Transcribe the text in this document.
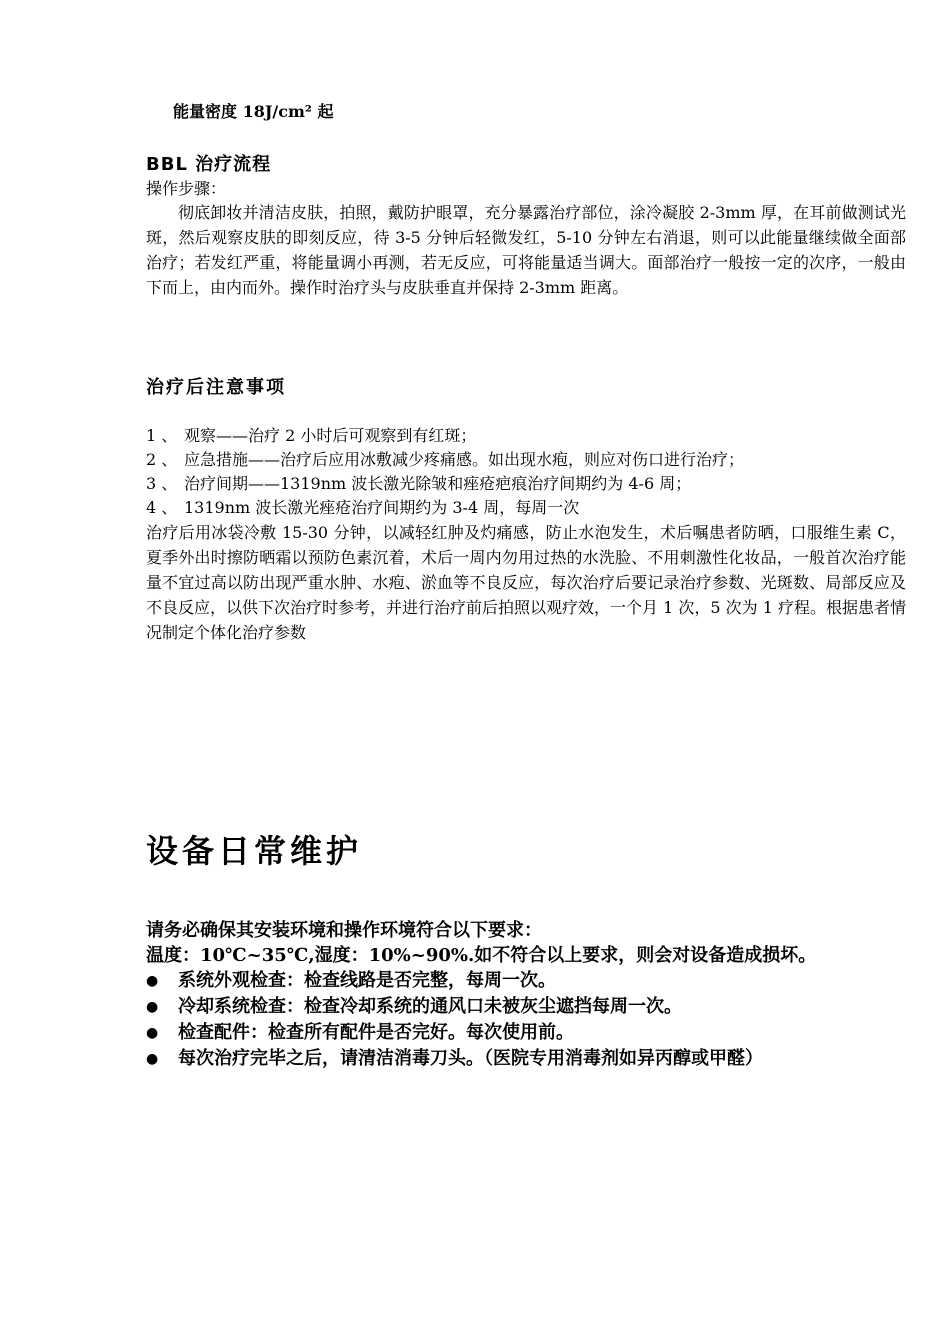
能量密度 18J/cm² 起
BBL 治疗流程
操作步骤：
彻底卸妆并清洁皮肤，拍照，戴防护眼罩，充分暴露治疗部位，涂冷凝胶 2-3mm 厚，在耳前做测试光斑，然后观察皮肤的即刻反应，待 3-5 分钟后轻微发红，5-10 分钟左右消退，则可以此能量继续做全面部治疗；若发红严重，将能量调小再测，若无反应，可将能量适当调大。面部治疗一般按一定的次序，一般由下而上，由内而外。操作时治疗头与皮肤垂直并保持 2-3mm 距离。
治疗后注意事项
1 、 观察——治疗 2 小时后可观察到有红斑；
2 、 应急措施——治疗后应用冰敷减少疼痛感。如出现水疱，则应对伤口进行治疗；
3 、 治疗间期——1319nm 波长激光除皱和痤疮疤痕治疗间期约为 4-6 周；
4 、 1319nm 波长激光痤疮治疗间期约为 3-4 周，每周一次
治疗后用冰袋冷敷 15-30 分钟，以减轻红肿及灼痛感，防止水泡发生，术后嘱患者防晒，口服维生素 C，夏季外出时擦防晒霜以预防色素沉着，术后一周内勿用过热的水洗脸、不用刺激性化妆品，一般首次治疗能量不宜过高以防出现严重水肿、水疱、淤血等不良反应，每次治疗后要记录治疗参数、光斑数、局部反应及不良反应，以供下次治疗时参考，并进行治疗前后拍照以观疗效，一个月 1 次，5 次为 1 疗程。根据患者情况制定个体化治疗参数
设备日常维护
请务必确保其安装环境和操作环境符合以下要求：
温度：10℃~35℃,湿度：10%~90%.如不符合以上要求，则会对设备造成损坏。
● 系统外观检查：检查线路是否完整，每周一次。
● 冷却系统检查：检查冷却系统的通风口未被灰尘遮挡每周一次。
● 检查配件：检查所有配件是否完好。每次使用前。
● 每次治疗完毕之后，请清洁消毒刀头。（医院专用消毒剂如异丙醇或甲醛）
